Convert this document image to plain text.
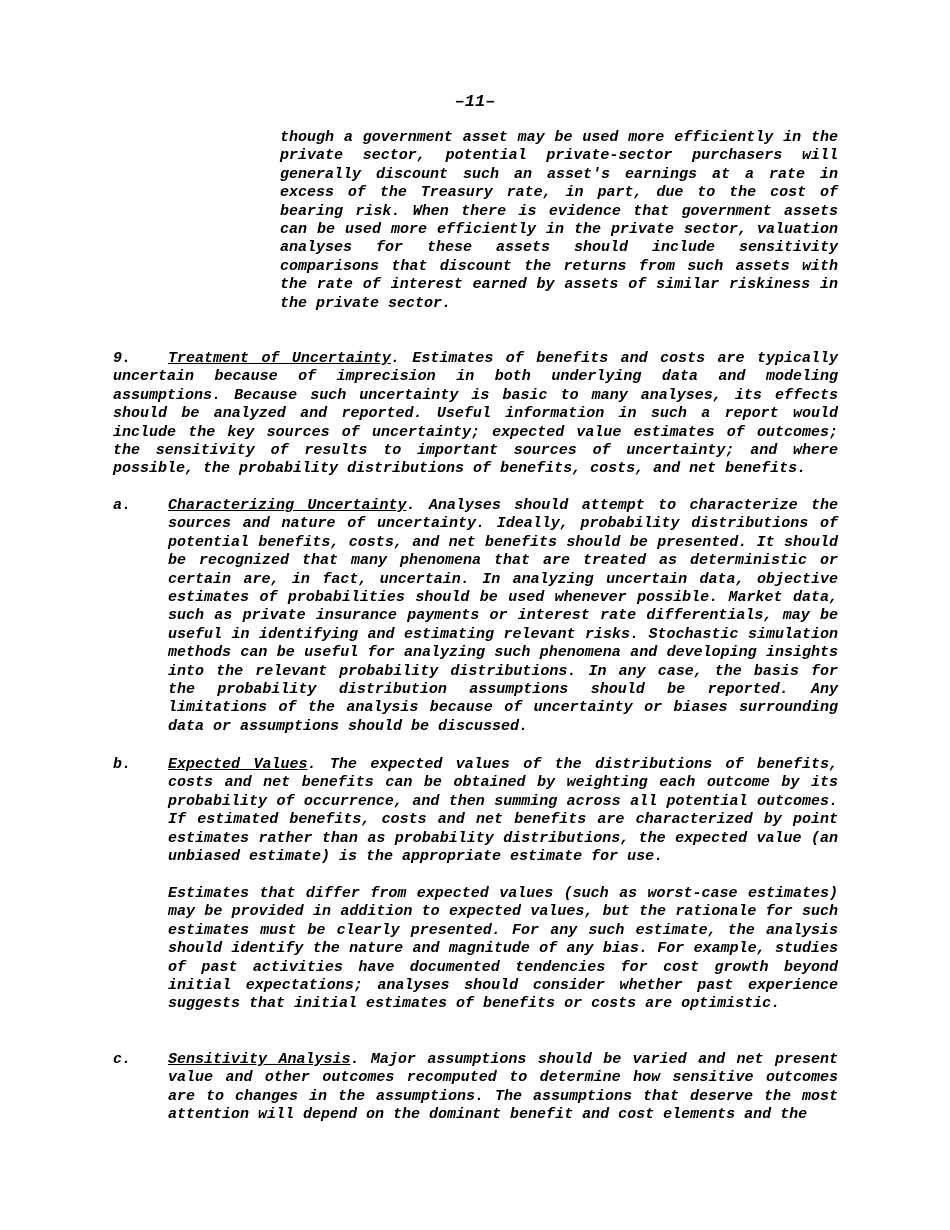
–11–

though a government asset may be used more efficiently in the private sector, potential private-sector purchasers will generally discount such an asset's earnings at a rate in excess of the Treasury rate, in part, due to the cost of bearing risk. When there is evidence that government assets can be used more efficiently in the private sector, valuation analyses for these assets should include sensitivity comparisons that discount the returns from such assets with the rate of interest earned by assets of similar riskiness in the private sector.

9. Treatment of Uncertainty. Estimates of benefits and costs are typically uncertain because of imprecision in both underlying data and modeling assumptions. Because such uncertainty is basic to many analyses, its effects should be analyzed and reported. Useful information in such a report would include the key sources of uncertainty; expected value estimates of outcomes; the sensitivity of results to important sources of uncertainty; and where possible, the probability distributions of benefits, costs, and net benefits.

a. Characterizing Uncertainty. Analyses should attempt to characterize the sources and nature of uncertainty. Ideally, probability distributions of potential benefits, costs, and net benefits should be presented. It should be recognized that many phenomena that are treated as deterministic or certain are, in fact, uncertain. In analyzing uncertain data, objective estimates of probabilities should be used whenever possible. Market data, such as private insurance payments or interest rate differentials, may be useful in identifying and estimating relevant risks. Stochastic simulation methods can be useful for analyzing such phenomena and developing insights into the relevant probability distributions. In any case, the basis for the probability distribution assumptions should be reported. Any limitations of the analysis because of uncertainty or biases surrounding data or assumptions should be discussed.

b. Expected Values. The expected values of the distributions of benefits, costs and net benefits can be obtained by weighting each outcome by its probability of occurrence, and then summing across all potential outcomes. If estimated benefits, costs and net benefits are characterized by point estimates rather than as probability distributions, the expected value (an unbiased estimate) is the appropriate estimate for use.

Estimates that differ from expected values (such as worst-case estimates) may be provided in addition to expected values, but the rationale for such estimates must be clearly presented. For any such estimate, the analysis should identify the nature and magnitude of any bias. For example, studies of past activities have documented tendencies for cost growth beyond initial expectations; analyses should consider whether past experience suggests that initial estimates of benefits or costs are optimistic.

c. Sensitivity Analysis. Major assumptions should be varied and net present value and other outcomes recomputed to determine how sensitive outcomes are to changes in the assumptions. The assumptions that deserve the most attention will depend on the dominant benefit and cost elements and the
